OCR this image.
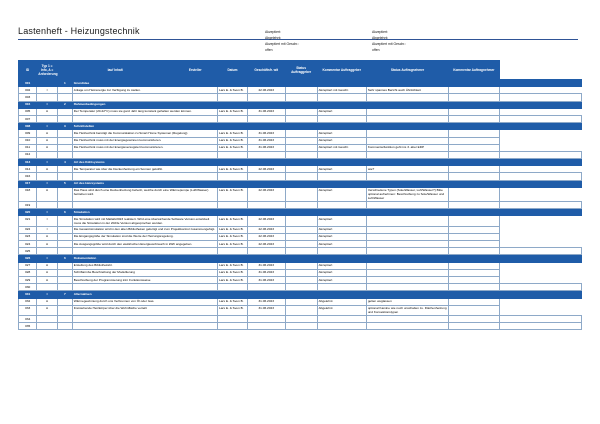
Lastenheft - Heizungstechnik	Akzeptiert:
Abgelehnt:
Akzeptiert mit Geschr.:
offen
Akzeptiert:
Abgelehnt:
Akzeptiert mit Geschr.:
offen
ID	Typ 1 = Info, A = Anforderung	lauf Inhalt		Ersteller	Datum	Geschäftsfr. wit	Status Auftraggeber	Kommentar Auftraggeber	Status Auftragnehmer	Kommentar Auftragnehmer	
001		1	Grundidee								
002	I		Anlage um Heizenergie zur Verfügung zu stellen.		Lars E. & Sven B.	22.06.2023		Akzeptiert mit Geschr.	Sehr spannes Bericht auch Ähnlichkeit		
003											
004	I	2	Rahmenbedingungen								
005	A		Der Temperatur (20-22°C) muss sie ganz Jahr lang konstant gehalten werden können.		Lars E. & Sven B.	31.06.2023		Akzeptiert			
007											
008	I	3	Schnittstellen								
009	A		Die Heiztechnik benötigt die Kommunikation zu Smart Home Systemen (Regelung)		Lars E. & Sven B.	31.06.2023		Akzeptiert			
010	A		Die Heiztechnik muss mit der Energiegewinnen kommunizieren.		Lars E. & Sven B.	31.06.2023		Akzeptiert			
011	A		Die Heiztechnik muss mit der Energieversugstert kommunizieren.		Lars E. & Sven B.	31.06.2023		Akzeptiert mit Geschr.	Kommentarfunktion geht ins 3. aber EDP		
012											
013	I	4	Art des Kühlsystems								
014	A		Die Temperatur wie über die Deckenheizung ein Sonnen gekühlt.		Lars E. & Sven B.	22.06.2023		Akzeptiert	wie?		
016											
017	I	5	Art des Heizsystems								
018	A		Das Haus wird durch eine Deckenheizung beheizt, welche durch eine Wärmepumpe (Luft/Wasser) betrieben wird.		Lars E. & Sven B.	22.06.2023		Akzeptiert	Verschiedene Typen (Sole/Wasser, Luft/Wasser?) Bitte optional aufnehmen: Beschreibung zu Sole/Wasser und Luft/Wasser		
019											
020	I	6	Simulation								
021	I		Die Simulation wird mit Matlab/2023 realisiert. Wird eine überwichende Software Version entwickelt muss die Simulation in der 2023e Version abgesprochen werden.		Lars E. & Sven B.	22.06.2023		Akzeptiert			
022	I		Die Gesamtsimulation wird in den alten Bibliotheken gefertigt und zum Projektkontrol zusammengefügt.		Lars E. & Sven B.	22.06.2023		Akzeptiert			
023	A		Die Eingangsgröße der Simulation sind die Werte der Heizungsregelung.		Lars E. & Sven B.	22.06.2023		Akzeptiert			
024	A		Die Ausgangsgröße wird durch den elektrischen Energieverbrauch in kWh angegeben.		Lars E. & Sven B.	22.06.2023		Akzeptiert			
025											
026	I	6	Dokumentation								
027	A		Erstellung des Bibliotheksbl.		Lars E. & Sven B.	31.06.2023		Akzeptiert			
028	A		Schriftarmbe Beschreibung der Modellierung		Lars E. & Sven B.	31.06.2023		Akzeptiert			
029	A		Beschreibung der Programmierung inkl. Funktionsweise		Lars E. & Sven B.	31.06.2023		Akzeptiert			
030											
031	I	7	Alternativen								
032	A		Wärmegewinnung durch uns Verbrennen von Öl oder Gas.		Lars E. & Sven B.	31.06.2023		Abgelehnt	gelten weglassen		
033	A		Freistehende Heizkörper über die Wohnfläche verteilt		Lars E. & Sven B.	31.06.2023		Abgelehnt	optional Kamine wie noch unschalten zu. Flächenheizung und Konvektionstypen		
034											
035											
